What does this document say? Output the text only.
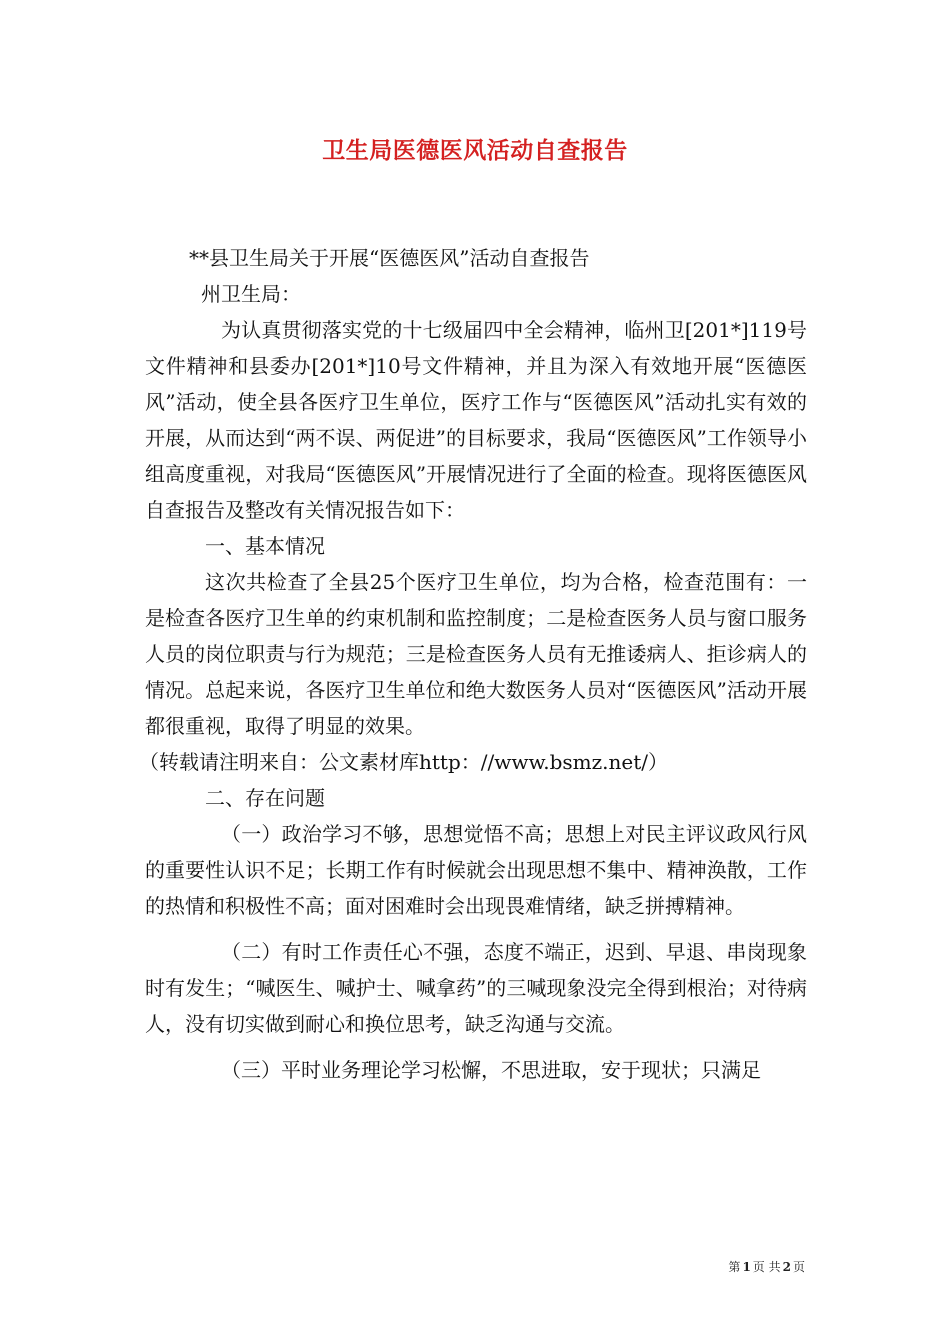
卫生局医德医风活动自查报告

**县卫生局关于开展“医德医风”活动自查报告

州卫生局：

为认真贯彻落实党的十七级届四中全会精神，临州卫[201*]119号文件精神和县委办[201*]10号文件精神，并且为深入有效地开展“医德医风”活动，使全县各医疗卫生单位，医疗工作与“医德医风”活动扎实有效的开展，从而达到“两不误、两促进”的目标要求，我局“医德医风”工作领导小组高度重视，对我局“医德医风”开展情况进行了全面的检查。现将医德医风自查报告及整改有关情况报告如下：

一、基本情况

这次共检查了全县25个医疗卫生单位，均为合格，检查范围有：一是检查各医疗卫生单的约束机制和监控制度；二是检查医务人员与窗口服务人员的岗位职责与行为规范；三是检查医务人员有无推诿病人、拒诊病人的情况。总起来说，各医疗卫生单位和绝大数医务人员对“医德医风”活动开展都很重视，取得了明显的效果。

（转载请注明来自：公文素材库http：//www.bsmz.net/）

二、存在问题

（一）政治学习不够，思想觉悟不高；思想上对民主评议政风行风的重要性认识不足；长期工作有时候就会出现思想不集中、精神涣散，工作的热情和积极性不高；面对困难时会出现畏难情绪，缺乏拼搏精神。

（二）有时工作责任心不强，态度不端正，迟到、早退、串岗现象时有发生；“喊医生、喊护士、喊拿药”的三喊现象没完全得到根治；对待病人，没有切实做到耐心和换位思考，缺乏沟通与交流。

（三）平时业务理论学习松懈，不思进取，安于现状；只满足

第 1 页 共 2 页
